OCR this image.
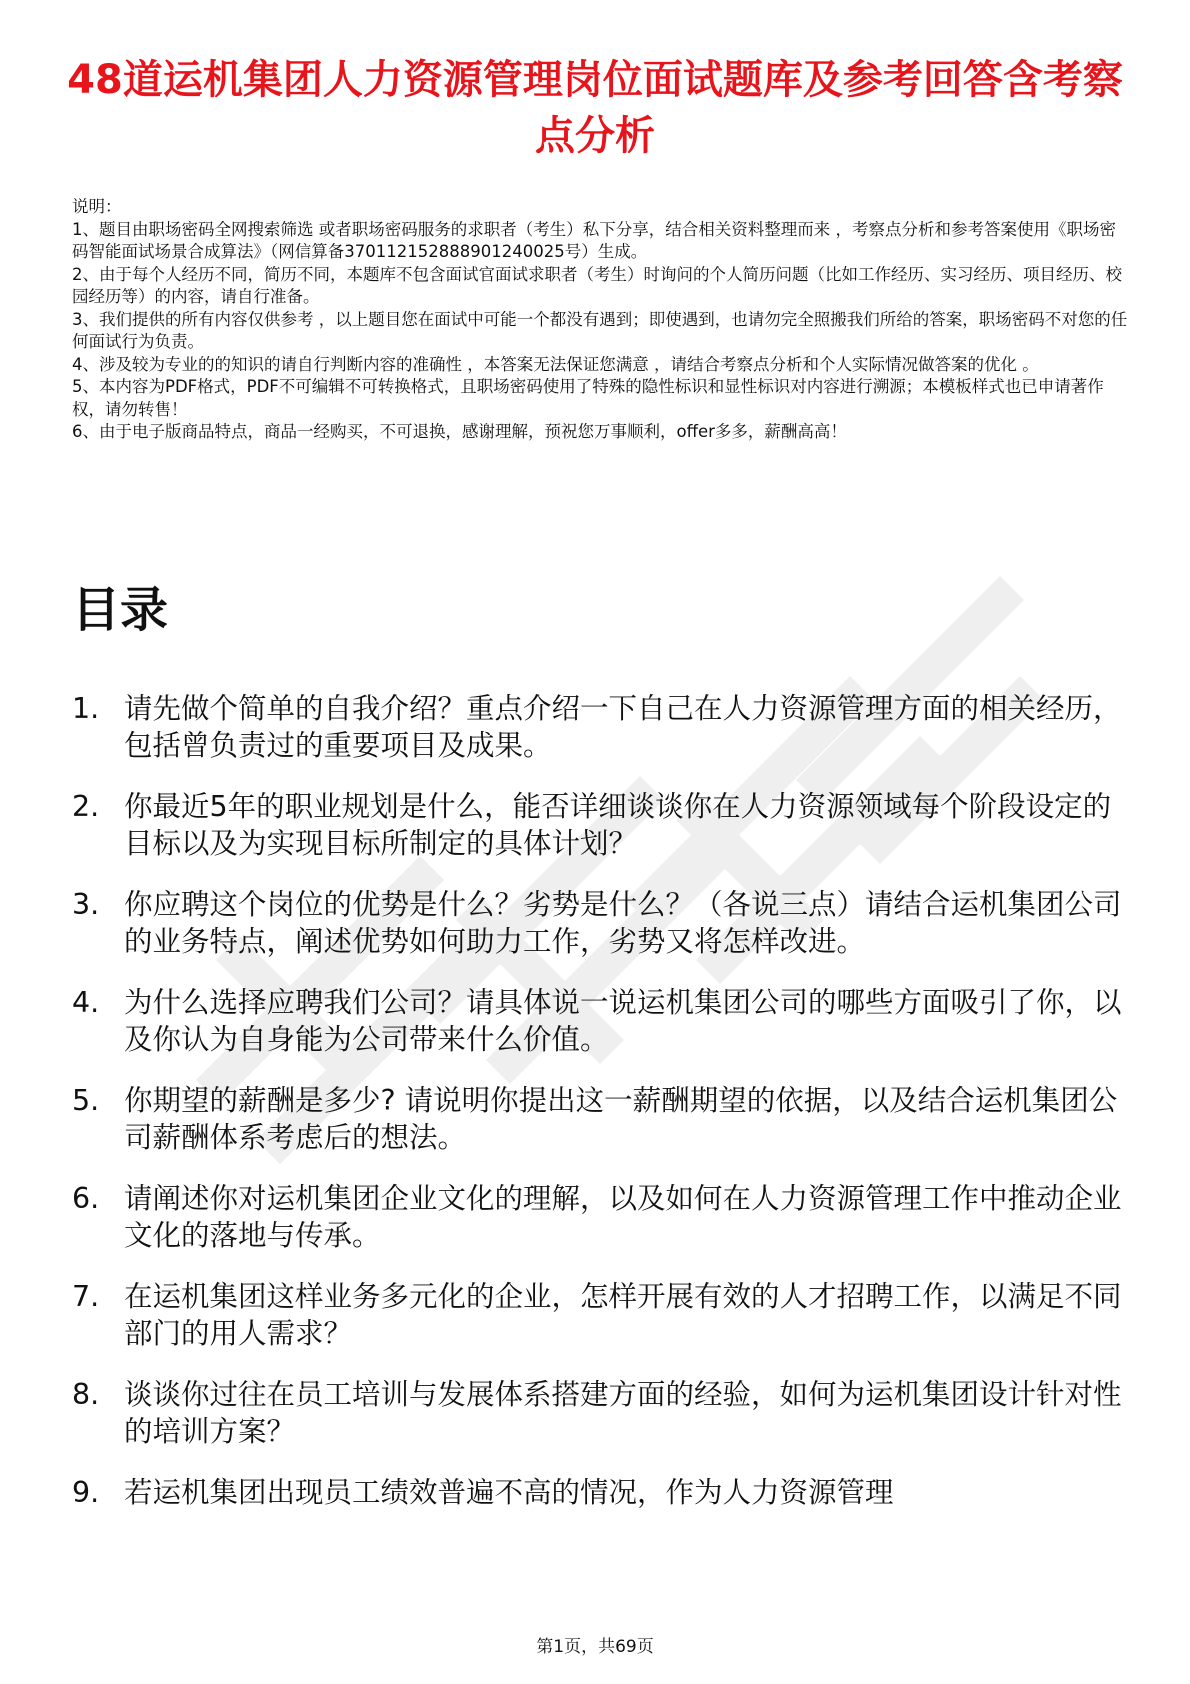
48道运机集团人力资源管理岗位面试题库及参考回答含考察点分析

说明：

1、题目由职场密码全网搜索筛选 或者职场密码服务的求职者（考生）私下分享，结合相关资料整理而来 ，考察点分析和参考答案使用《职场密码智能面试场景合成算法》（网信算备370112152888901240025号）生成。

2、由于每个人经历不同，简历不同，本题库不包含面试官面试求职者（考生）时询问的个人简历问题（比如工作经历、实习经历、项目经历、校园经历等）的内容，请自行准备。

3、我们提供的所有内容仅供参考 ，以上题目您在面试中可能一个都没有遇到；即使遇到，也请勿完全照搬我们所给的答案，职场密码不对您的任何面试行为负责。

4、涉及较为专业的的知识的请自行判断内容的准确性 ，本答案无法保证您满意 ，请结合考察点分析和个人实际情况做答案的优化 。

5、本内容为PDF格式，PDF不可编辑不可转换格式，且职场密码使用了特殊的隐性标识和显性标识对内容进行溯源；本模板样式也已申请著作权，请勿转售！

6、由于电子版商品特点，商品一经购买，不可退换，感谢理解，预祝您万事顺利，offer多多，薪酬高高！

目录
1. 请先做个简单的自我介绍？重点介绍一下自己在人力资源管理方面的相关经历，包括曾负责过的重要项目及成果。
2. 你最近5年的职业规划是什么，能否详细谈谈你在人力资源领域每个阶段设定的目标以及为实现目标所制定的具体计划？
3. 你应聘这个岗位的优势是什么？劣势是什么？（各说三点）请结合运机集团公司的业务特点，阐述优势如何助力工作，劣势又将怎样改进。
4. 为什么选择应聘我们公司？请具体说一说运机集团公司的哪些方面吸引了你，以及你认为自身能为公司带来什么价值。
5. 你期望的薪酬是多少? 请说明你提出这一薪酬期望的依据，以及结合运机集团公司薪酬体系考虑后的想法。
6. 请阐述你对运机集团企业文化的理解，以及如何在人力资源管理工作中推动企业文化的落地与传承。
7. 在运机集团这样业务多元化的企业，怎样开展有效的人才招聘工作，以满足不同部门的用人需求？
8. 谈谈你过往在员工培训与发展体系搭建方面的经验，如何为运机集团设计针对性的培训方案？
9. 若运机集团出现员工绩效普遍不高的情况，作为人力资源管理
第1页，共69页
